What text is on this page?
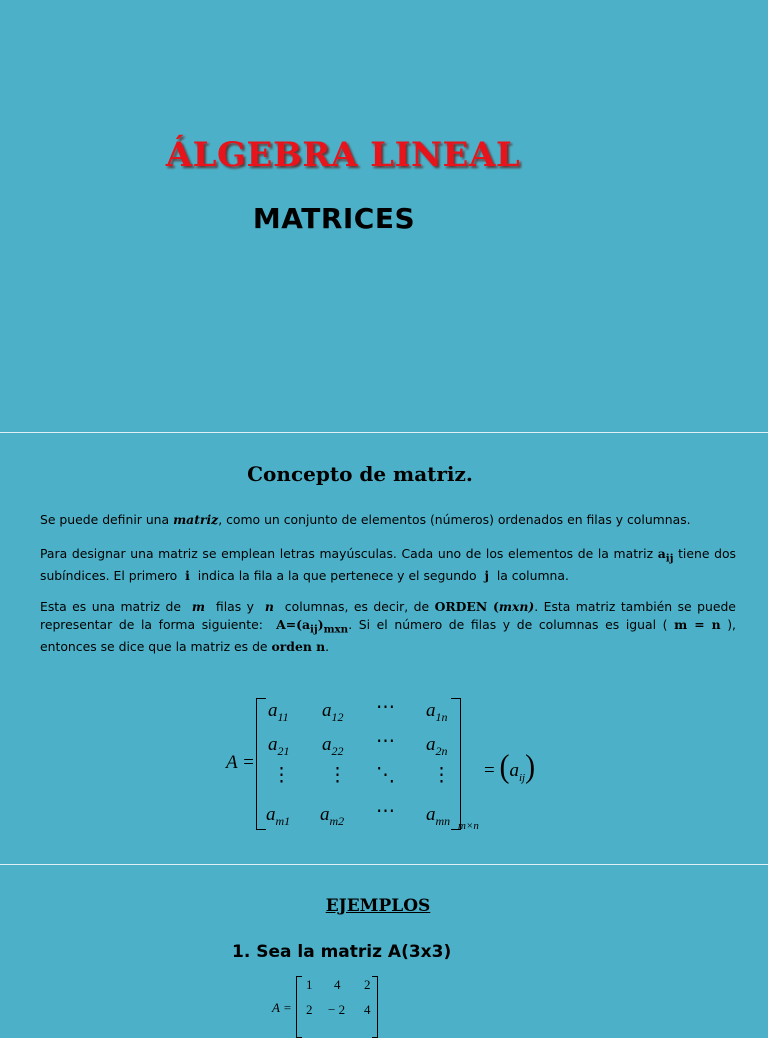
ÁLGEBRA LINEAL
MATRICES
Concepto de matriz.
Se puede definir una matriz, como un conjunto de elementos (números) ordenados en filas y columnas.
Para designar una matriz se emplean letras mayúsculas. Cada uno de los elementos de la matriz $a_{ij}$ tiene dos subíndices. El primero  i  indica la fila a la que pertenece y el segundo  j  la columna.
Esta es una matriz de  m  filas y  n  columnas, es decir, de ORDEN (mxn). Esta matriz también se puede representar de la forma siguiente:  $A=(a_{ij})_{mxn}$. Si el número de filas y de columnas es igual ( m = n ), entonces se dice que la matriz es de orden n.
A =
$a_{11}$ $a_{12}$ ⋯ $a_{1n}$
$a_{21}$ $a_{22}$ ⋯ $a_{2n}$
⋮ ⋮ ⋱ ⋮
$a_{m1}$ $a_{m2}$ ⋯ $a_{mn}$ m×n
= $(a_{ij})$
EJEMPLOS
1. Sea la matriz A(3x3)
A =
1 4 2
2 − 2 4
